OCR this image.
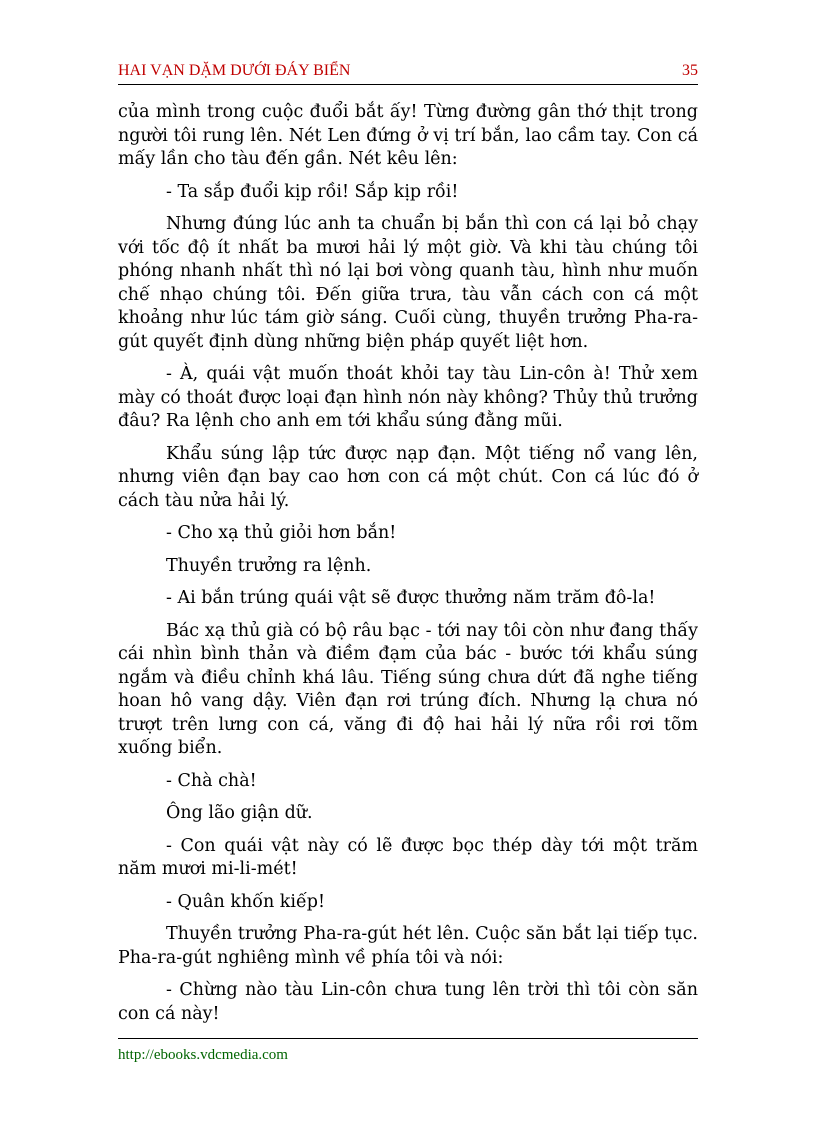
HAI VẠN DẶM DƯỚI ĐÁY BIỂN	35

của mình trong cuộc đuổi bắt ấy! Từng đường gân thớ thịt trong người tôi rung lên. Nét Len đứng ở vị trí bắn, lao cầm tay. Con cá mấy lần cho tàu đến gần. Nét kêu lên:

- Ta sắp đuổi kịp rồi! Sắp kịp rồi!

Nhưng đúng lúc anh ta chuẩn bị bắn thì con cá lại bỏ chạy với tốc độ ít nhất ba mươi hải lý một giờ. Và khi tàu chúng tôi phóng nhanh nhất thì nó lại bơi vòng quanh tàu, hình như muốn chế nhạo chúng tôi. Đến giữa trưa, tàu vẫn cách con cá một khoảng như lúc tám giờ sáng. Cuối cùng, thuyền trưởng Pha-ra-gút quyết định dùng những biện pháp quyết liệt hơn.

- À, quái vật muốn thoát khỏi tay tàu Lin-côn à! Thử xem mày có thoát được loại đạn hình nón này không? Thủy thủ trưởng đâu? Ra lệnh cho anh em tới khẩu súng đằng mũi.

Khẩu súng lập tức được nạp đạn. Một tiếng nổ vang lên, nhưng viên đạn bay cao hơn con cá một chút. Con cá lúc đó ở cách tàu nửa hải lý.

- Cho xạ thủ giỏi hơn bắn!

Thuyền trưởng ra lệnh.

- Ai bắn trúng quái vật sẽ được thưởng năm trăm đô-la!

Bác xạ thủ già có bộ râu bạc - tới nay tôi còn như đang thấy cái nhìn bình thản và điềm đạm của bác - bước tới khẩu súng ngắm và điều chỉnh khá lâu. Tiếng súng chưa dứt đã nghe tiếng hoan hô vang dậy. Viên đạn rơi trúng đích. Nhưng lạ chưa nó trượt trên lưng con cá, văng đi độ hai hải lý nữa rồi rơi tõm xuống biển.

- Chà chà!

Ông lão giận dữ.

- Con quái vật này có lẽ được bọc thép dày tới một trăm năm mươi mi-li-mét!

- Quân khốn kiếp!

Thuyền trưởng Pha-ra-gút hét lên. Cuộc săn bắt lại tiếp tục. Pha-ra-gút nghiêng mình về phía tôi và nói:

- Chừng nào tàu Lin-côn chưa tung lên trời thì tôi còn săn con cá này!

http://ebooks.vdcmedia.com
